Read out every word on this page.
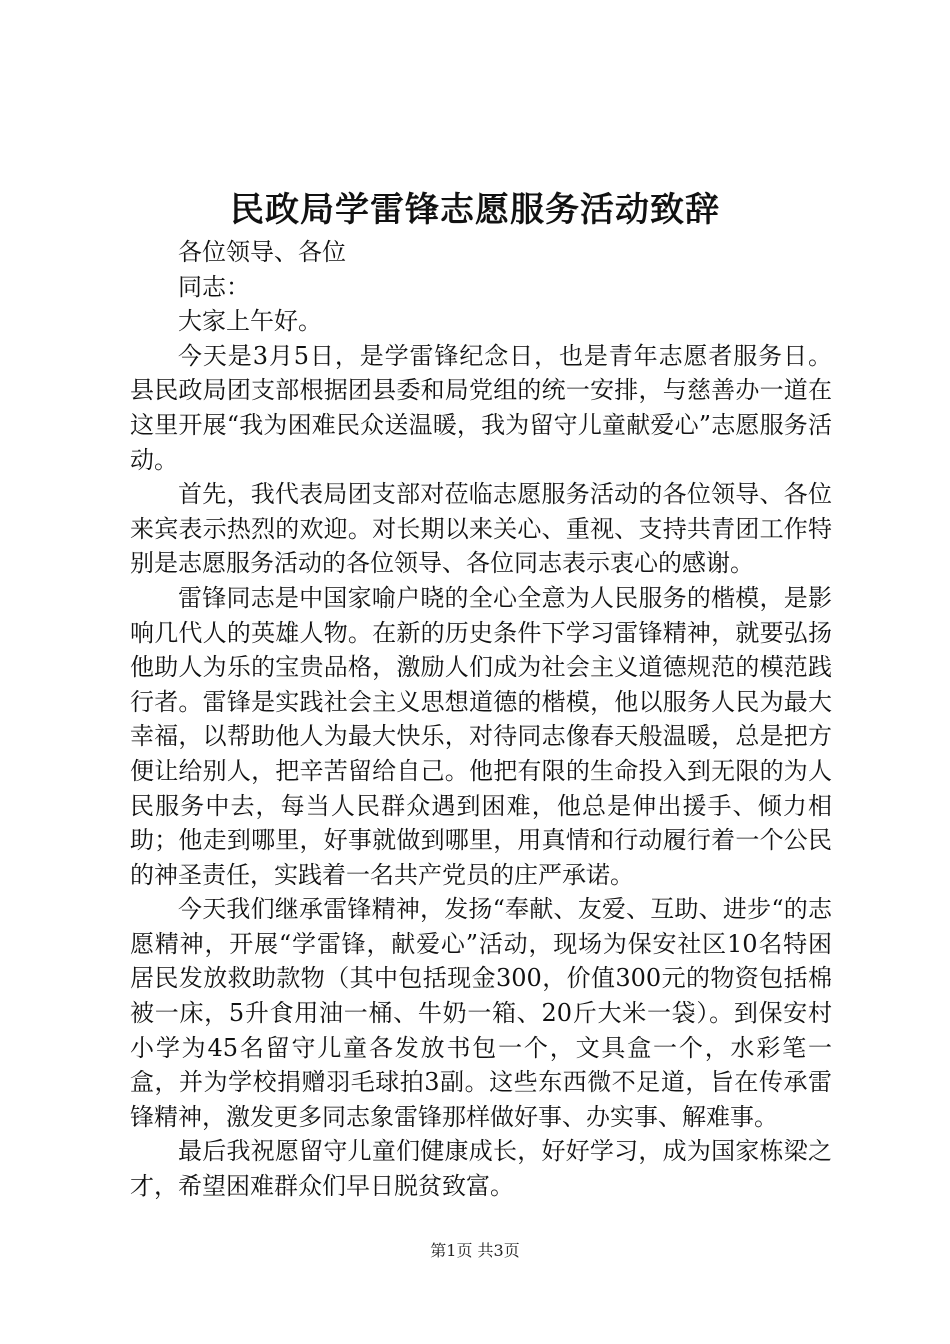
民政局学雷锋志愿服务活动致辞

各位领导、各位

同志：

大家上午好。

今天是3月5日，是学雷锋纪念日，也是青年志愿者服务日。县民政局团支部根据团县委和局党组的统一安排，与慈善办一道在这里开展“我为困难民众送温暖，我为留守儿童献爱心”志愿服务活动。

首先，我代表局团支部对莅临志愿服务活动的各位领导、各位来宾表示热烈的欢迎。对长期以来关心、重视、支持共青团工作特别是志愿服务活动的各位领导、各位同志表示衷心的感谢。

雷锋同志是中国家喻户晓的全心全意为人民服务的楷模，是影响几代人的英雄人物。在新的历史条件下学习雷锋精神，就要弘扬他助人为乐的宝贵品格，激励人们成为社会主义道德规范的模范践行者。雷锋是实践社会主义思想道德的楷模，他以服务人民为最大幸福，以帮助他人为最大快乐，对待同志像春天般温暖，总是把方便让给别人，把辛苦留给自己。他把有限的生命投入到无限的为人民服务中去，每当人民群众遇到困难，他总是伸出援手、倾力相助；他走到哪里，好事就做到哪里，用真情和行动履行着一个公民的神圣责任，实践着一名共产党员的庄严承诺。

今天我们继承雷锋精神，发扬“奉献、友爱、互助、进步“的志愿精神，开展“学雷锋，献爱心”活动，现场为保安社区10名特困居民发放救助款物（其中包括现金300，价值300元的物资包括棉被一床，5升食用油一桶、牛奶一箱、20斤大米一袋）。到保安村小学为45名留守儿童各发放书包一个，文具盒一个，水彩笔一盒，并为学校捐赠羽毛球拍3副。这些东西微不足道，旨在传承雷锋精神，激发更多同志象雷锋那样做好事、办实事、解难事。

最后我祝愿留守儿童们健康成长，好好学习，成为国家栋梁之才，希望困难群众们早日脱贫致富。

第1页 共3页
